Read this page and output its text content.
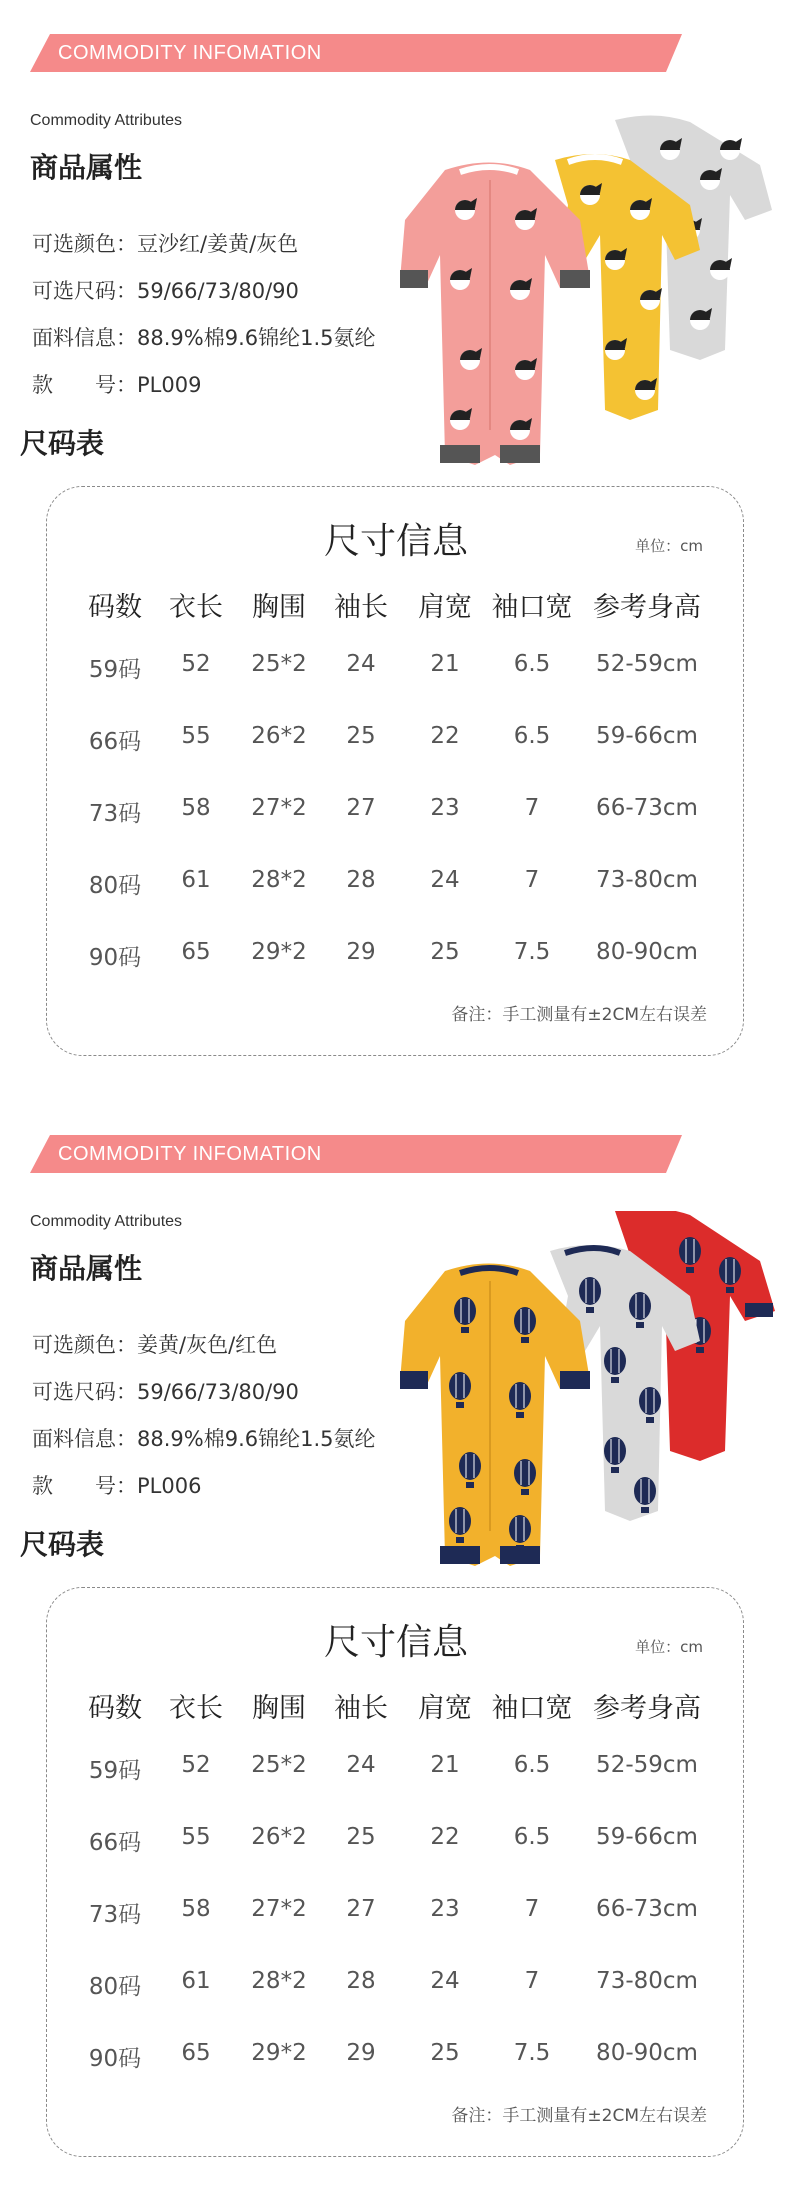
COMMODITY INFOMATION
Commodity Attributes
商品属性
可选颜色：豆沙红/姜黄/灰色
可选尺码：59/66/73/80/90
面料信息：88.9%棉9.6锦纶1.5氨纶
款　　号：PL009
尺码表
尺寸信息	单位：cm
码数 衣长 胸围 袖长 肩宽 袖口宽 参考身高
59码 52 25*2 24 21 6.5 52-59cm
66码 55 26*2 25 22 6.5 59-66cm
73码 58 27*2 27 23	7 66-73cm
80码 61 28*2 28 24	7 73-80cm
90码 65 29*2 29 25 7.5 80-90cm
备注：手工测量有±2CM左右误差
COMMODITY INFOMATION
Commodity Attributes
商品属性
可选颜色：姜黄/灰色/红色
可选尺码：59/66/73/80/90
面料信息：88.9%棉9.6锦纶1.5氨纶
款　　号：PL006
尺码表
尺寸信息	单位：cm
码数 衣长 胸围 袖长 肩宽 袖口宽 参考身高
59码 52 25*2 24 21 6.5 52-59cm
66码 55 26*2 25 22 6.5 59-66cm
73码 58 27*2 27 23	7 66-73cm
80码 61 28*2 28 24	7 73-80cm
90码 65 29*2 29 25 7.5 80-90cm
备注：手工测量有±2CM左右误差
